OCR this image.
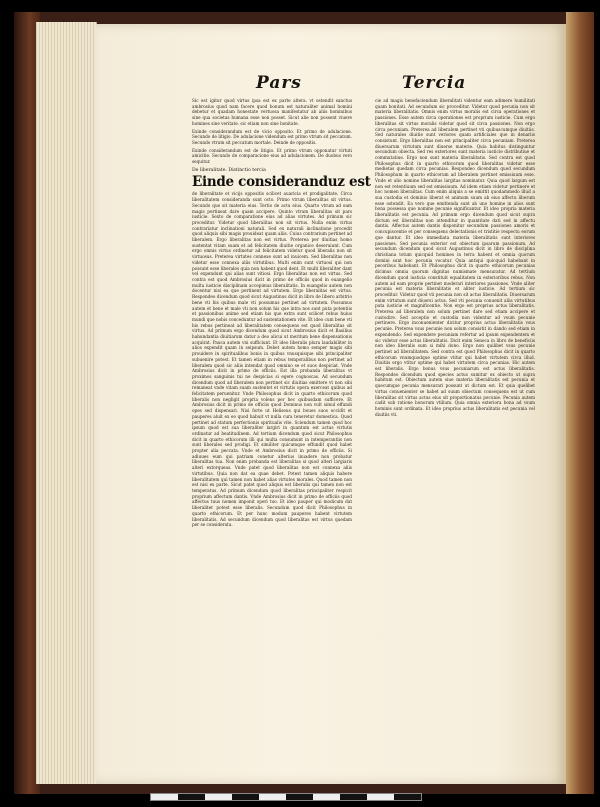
Pars	Tercia

Sic est igitur quod virtus ipsa est ex parte altera. vt ostendit sanctus ambrosius quod nam facere quod bonum est naturaliter animal homini debetur et quadam honestate vertuosa manifestatur ab aliis hominibus sine qua societas humana esse non posset. Sicut alie non possent viuere homines sine veritate. sic etiam non sine bonitate.

Exinde considerandum est de vicio opposito. Et primo de adulacione. Secundo de litigio. De adulacione videndum est primo vtrum sit peccatum. Secundo vtrum sit peccatum mortale. Deinde de oppositis.

Exinde considerandum est de litigio. Et primo vtrum opponatur virtuti amicitie. Secundo de comparacione eius ad adulacionem. De duobus vero sequitur.

De liberalitate. Distinctio tercia
Einde consideranduz est

de liberalitate et vicijs oppositis scilicet auaricia et prodigalitate. Circa liberalitatem consideranda sunt octo. Primo vtrum liberalitas sit virtus. Secundo que sit materia eius. Tertio de actu eius. Quarto vtrum ad eam magis pertineat dare quam accipere. Quinto vtrum liberalitas sit pars iusticie. Sexto de comparatione eius ad alias virtutes. Ad primum sic proceditur. Videtur quod liberalitas non sit virtus. Nulla enim virtus contrariatur inclinationi naturali. Sed ex naturali inclinatione procedit quod aliquis sibi magis prouideat quam aliis. Cuius contrarium pertinet ad liberalem. Ergo liberalitas non est virtus. Preterea per diuitias homo sustentat vitam suam et ad felicitatem diuitie organice deseruiunt. Cum ergo omnis virtus ordinetur ad felicitatem videtur quod liberalis non sit virtuosus. Preterea virtutes connexe sunt ad inuicem. Sed liberalitas non videtur esse connexa aliis virtutibus. Multi enim sunt virtuosi qui non possunt esse liberales quia non habent quod dent. Et multi liberaliter dant vel expendunt qui alias sunt vitiosi. Ergo liberalitas non est virtus. Sed contra est quod Ambrosius dicit in primo de officiis quod in euangelio multa iusticie disciplinam accepimus liberalitatis. In euangelio autem non docentur nisi ea que pertinent ad virtutem. Ergo liberalitas est virtus. Respondeo dicendum quod sicut Augustinus dicit in libro de libero arbitrio bene vti his quibus male vti possumus pertinet ad virtutem. Possumus autem et bene et male vti non solum his que intra nos sunt puta potentiis et passionibus anime sed etiam his que extra sunt scilicet rebus huius mundi que nobis conceduntur ad sustentationem vite. Et ideo cum bene vti his rebus pertineat ad liberalitatem consequens est quod liberalitas sit virtus. Ad primum ergo dicendum quod sicut Ambrosius dicit et Basilius habundantia diuitiarum datur a deo alicui ut meritum bene dispensationis acquirat. Pauca autem vni sufficiunt. Et ideo liberalis plura laudabiliter in alios expendit quam in seipsum. Debet autem homo semper magis sibi prouidere in spiritualibus bonis in quibus vnusquisque sibi principaliter subuenire potest. Et tamen etiam in rebus temporalibus non pertinet ad liberalem quod sic aliis intendat quod omnino se et suos despiciat. Vnde Ambrosius dicit in primo de officiis. Est illa probanda liberalitas vt proximos sanguinis tui ne despicias si egere cognoscas. Ad secundum dicendum quod ad liberalem non pertinet sic diuitias emittere vt non sibi remaneat vnde vitam suam sustentet et virtutis opera exerceat quibus ad felicitatem peruenitur. Vnde Philosophus dicit in quarto ethicorum quod liberalis non negligit propria volens per hec quibusdam sufficere. Et Ambrosius dicit in primo de officiis quod Dominus non vult simul effundi opes sed dispensari. Nisi forte ut Heliseus qui boues suos occidit et pauperes aluit ex eo quod habuit vt nulla cura teneretur domestica. Quod pertinet ad statum perfectionis spiritualis vite. Sciendum tamen quod hoc ipsum quod est sua liberaliter largiri in quantum est actus virtutis ordinatur ad beatitudinem. Ad tertium dicendum quod sicut Philosophus dicit in quarto ethicorum illi qui multa consumunt in intemperantiis non sunt liberales sed prodigi. Et similiter quicumque effundit quod habet propter alia peccata. Vnde et Ambrosius dicit in primo de officiis. Si adiuues eum qui patriam conetur alterius inuadere non probatur liberalitas tua. Non enim probanda est liberalitas si quod alteri largiaris alteri extorqueas. Vnde patet quod liberalitas non est connexa aliis virtutibus. Quia non dat ea quae debet. Potest tamen aliquis habere liberalitatem qui tamen non habet alias virtutes morales. Quod tamen non est nisi ex parte. Sicut patet quod aliquis est liberalis qui tamen non est temperatus. Ad primum dicendum quod liberalitas principaliter respicit proprium affectum dantis. Vnde Ambrosius dicit in primo de officiis quod affectus tuus nomen imponit operi tuo. Et ideo pauper qui modicum dat liberaliter potest esse liberalis. Secundum quod dicit Philosophus in quarto ethicorum. Et per hunc modum pauperes habent virtutem liberalitatis. Ad secundum dicendum quod liberalitas est virtus quedam per se considerata.

cie ad magis benefaciendum liberalitati videntur eam adimere humilitati quam bonitati. Ad secundum sic proceditur. Videtur quod pecunia non sit materia liberalitatis. Omnis enim virtus moralis est circa operationes et passiones. Esse autem circa operationes est proprium iusticie. Cum ergo liberalitas sit virtus moralis videtur quod sit circa passiones. Non ergo circa pecuniam. Preterea ad liberalem pertinet vti quibuscumque diuitiis. Sed naturales diuitie sunt veriores quam artificiales que in denariis consistunt. Ergo liberalitas non est principaliter circa pecuniam. Preterea diuersarum virtutum sunt diuerse materie. Quia habitus distinguntur secundum obiecta. Sed res exteriores sunt materia iusticie distributiue et commutatiue. Ergo non sunt materia liberalitatis. Sed contra est quod Philosophus dicit in quarto ethicorum quod liberalitas videtur esse medietas quedam circa pecunias. Respondeo dicendum quod secundum Philosophum in quarto ethicorum ad liberalem pertinet emissiuum esse. Vnde et alio nomine liberalitas largitas nominatur. Quia quod largum est non est retentiuum sed est emissiuum. Ad idem etiam videtur pertinere et hoc nomen liberalitas. Cum enim aliquis a se emittit quodammodo illud a sua custodia et dominio liberat et animum suum ab eius affectu liberum esse ostendit. Ea vero que emittenda sunt ab uno homine in alios sunt bona possessa que nomine pecunie significantur. Et ideo propria materia liberalitatis est pecunia. Ad primum ergo dicendum quod sicut supra dictum est liberalitas non attenditur in quantitate dati sed in affectu dantis. Affectus autem dantis disponitur secundum passiones amoris et concupiscentie et per consequens delectationis et tristitie respectu eorum que dantur. Et ideo immediata materia liberalitatis sunt interiores passiones. Sed pecunia exterior est obiectum ipsarum passionum. Ad secundum dicendum quod sicut Augustinus dicit in libro de disciplina christiana totum quicquid homines in terra habent et omnia quorum domini sunt hoc pecunia vocatur. Quia antiqui quicquid habebant in pecoribus habebant. Et Philosophus dicit in quarto ethicorum pecunias dicimus omnia quorum dignitas numismate mensuratur. Ad tertium dicendum quod iusticia constituit equalitatem in exterioribus rebus. Non autem ad eam proprie pertinet moderari interiores passiones. Vnde aliter pecunia est materia liberalitatis et aliter iusticie. Ad tertium sic proceditur. Videtur quod vti pecunia non sit actus liberalitatis. Diuersarum enim virtutum sunt diuersi actus. Sed vti pecunia conuenit aliis virtutibus puta iusticie et magnificentie. Non ergo est proprius actus liberalitatis. Preterea ad liberalem non solum pertinet dare sed etiam accipere et custodire. Sed acceptio et custodia non videntur ad vsum pecunie pertinere. Ergo inconuenienter dicitur proprius actus liberalitatis vsus pecunie. Preterea vsus pecunie non solum consistit in dando sed etiam in expendendo. Sed expendere pecuniam refertur ad ipsum expendentem et sic videtur esse actus liberalitatis. Dicit enim Seneca in libro de beneficiis non ideo liberalis sum si mihi dono. Ergo non quilibet vsus pecunie pertinet ad liberalitatem. Sed contra est quod Philosophus dicit in quarto ethicorum vnumquodque optime vtitur qui habet virtutem circa illud. Diuitiis ergo vtitur optime qui habet virtutem circa pecunias. Hic autem est liberalis. Ergo bonus vsus pecuniarum est actus liberalitatis. Respondeo dicendum quod species actus sumitur ex obiecto ut supra habitum est. Obiectum autem siue materia liberalitatis est pecunia et quecumque pecunia mensurari possunt ut dictum est. Et quia quelibet virtus conuenienter se habet ad suum obiectum consequens est ut cum liberalitas sit virtus actus eius sit proportionatus pecunie. Pecunia autem cadit sub ratione bonorum vtilium. Quia omnia exteriora bona ad vsum hominis sunt ordinata. Et ideo proprius actus liberalitatis est pecunia vel diuitiis vti.
